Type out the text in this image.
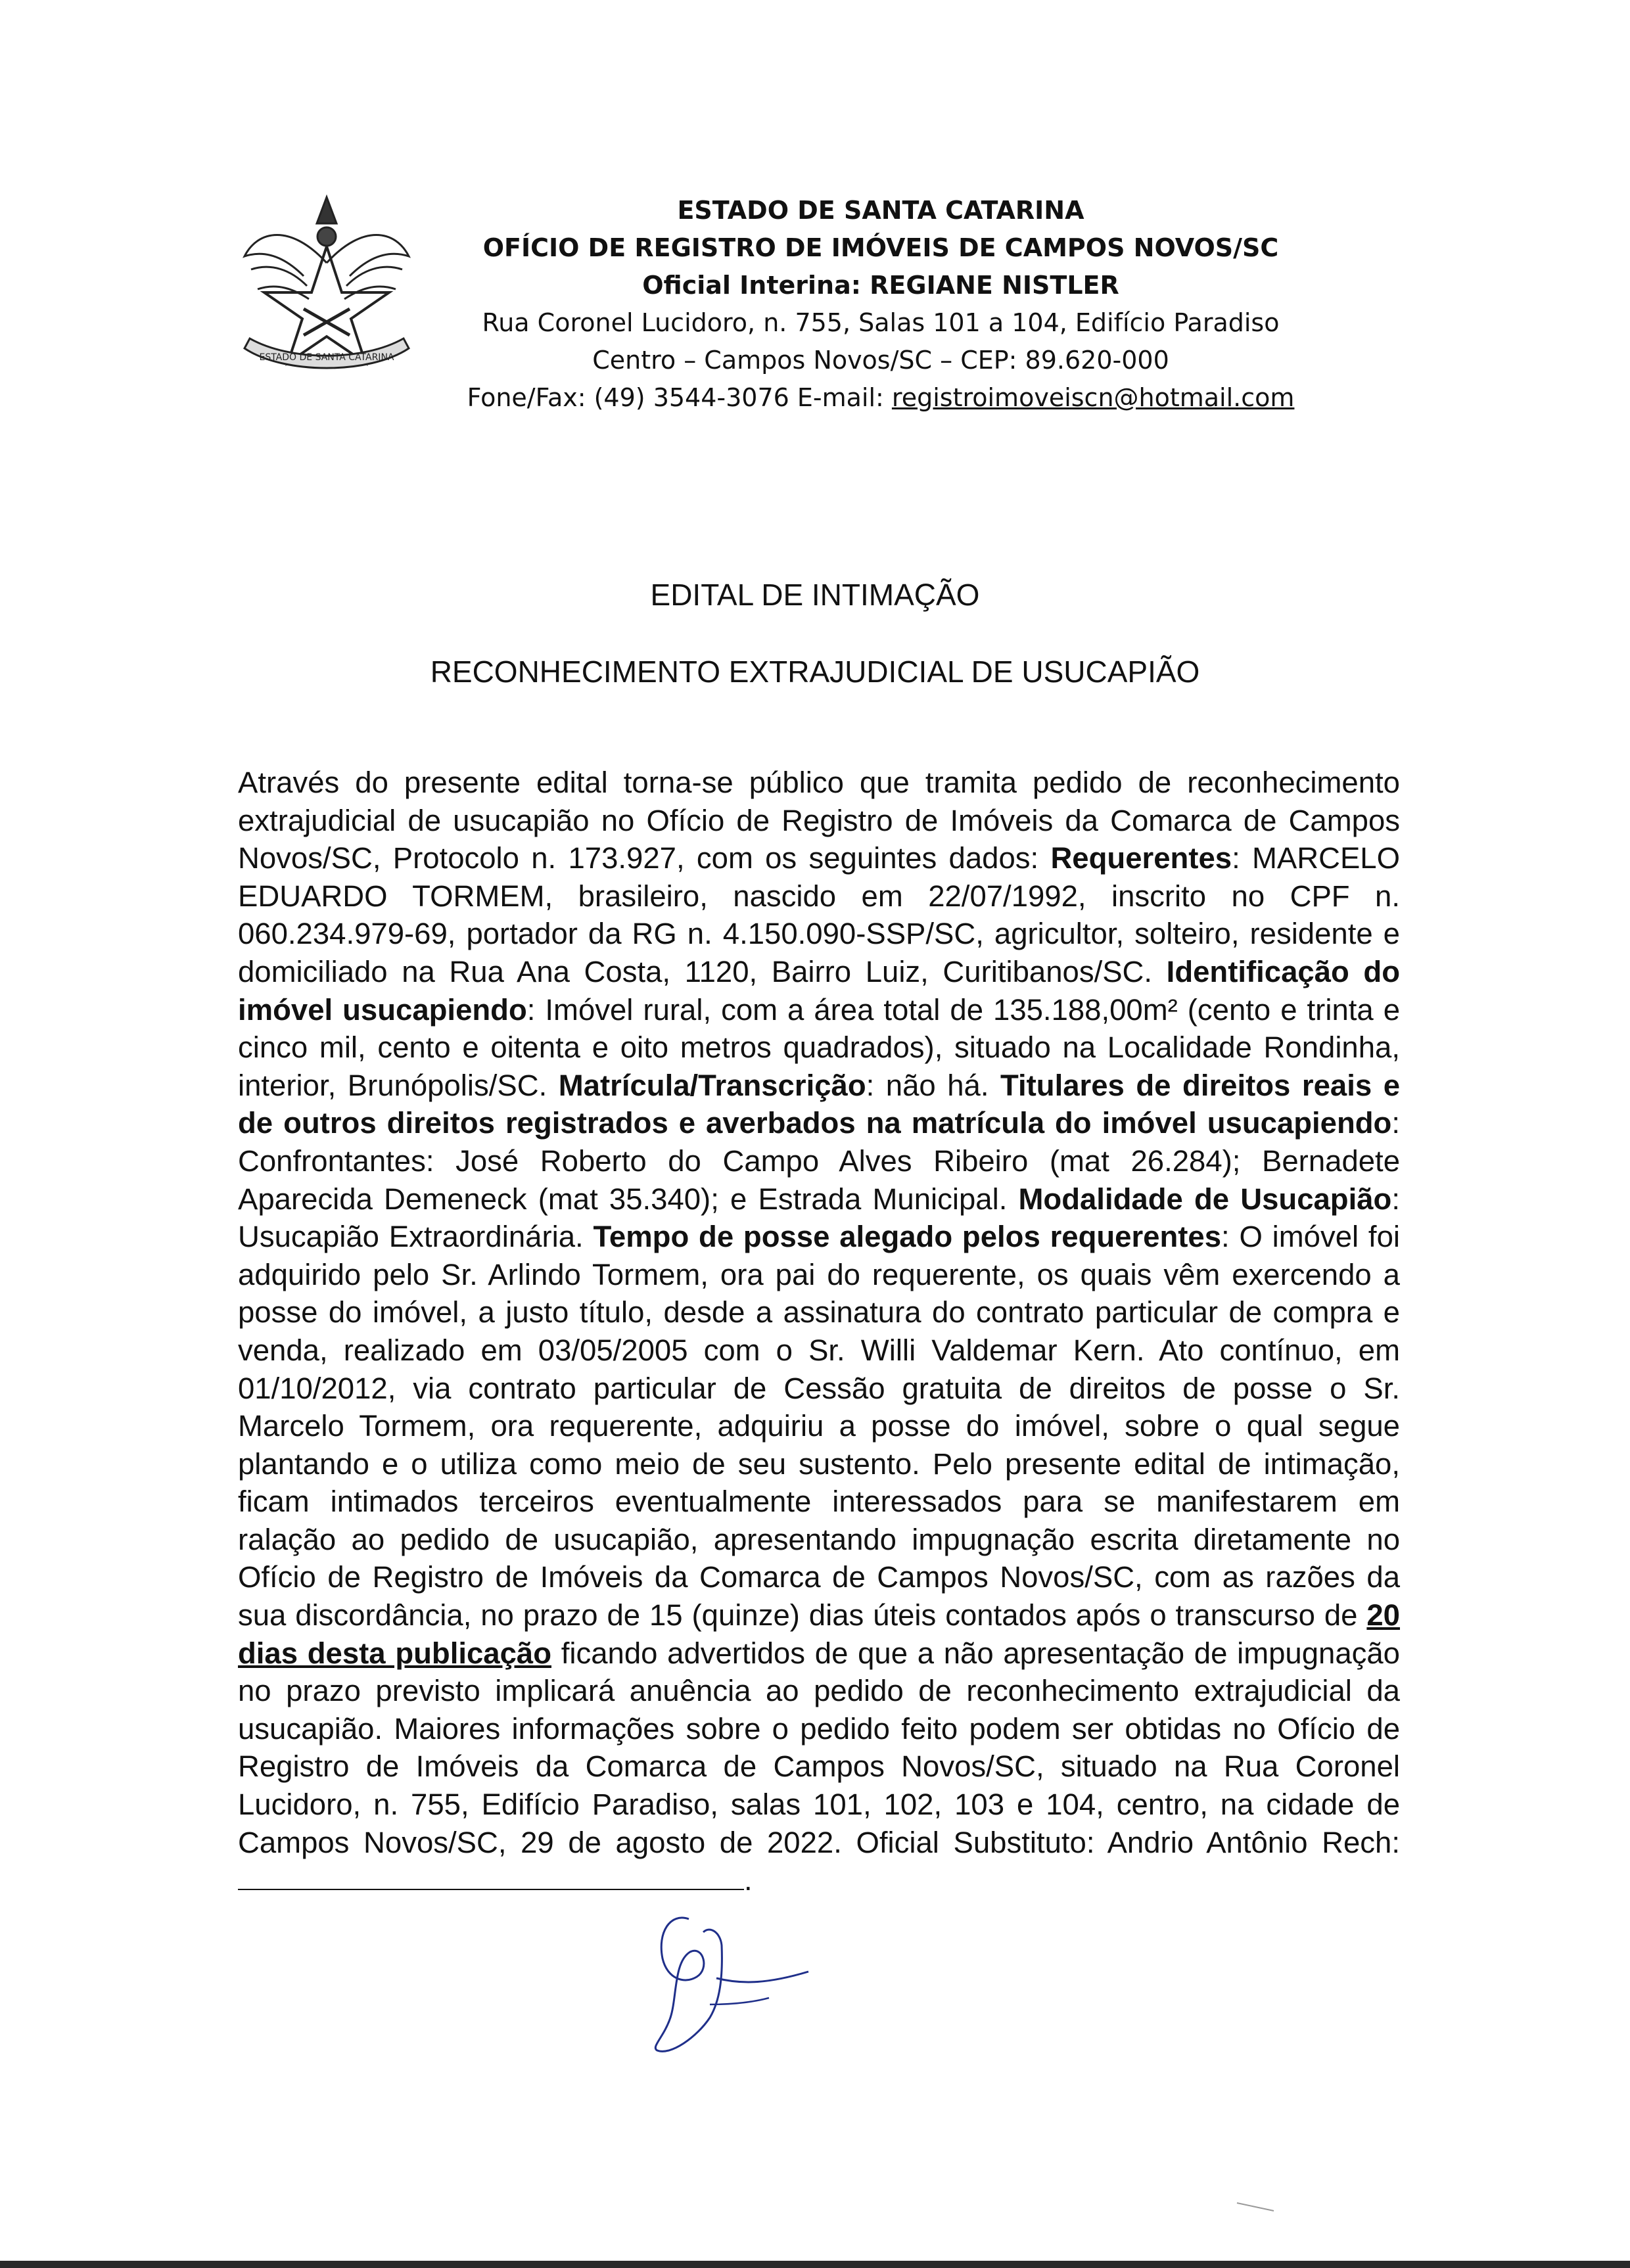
ESTADO DE SANTA CATARINA
ESTADO DE SANTA CATARINA
OFÍCIO DE REGISTRO DE IMÓVEIS DE CAMPOS NOVOS/SC
Oficial Interina: REGIANE NISTLER
Rua Coronel Lucidoro, n. 755, Salas 101 a 104, Edifício Paradiso
Centro – Campos Novos/SC – CEP: 89.620-000
Fone/Fax: (49) 3544-3076 E-mail: registroimoveiscn@hotmail.com
EDITAL DE INTIMAÇÃO
RECONHECIMENTO EXTRAJUDICIAL DE USUCAPIÃO
Através do presente edital torna-se público que tramita pedido de reconhecimento extrajudicial de usucapião no Ofício de Registro de Imóveis da Comarca de Campos Novos/SC, Protocolo n. 173.927, com os seguintes dados: Requerentes: MARCELO EDUARDO TORMEM, brasileiro, nascido em 22/07/1992, inscrito no CPF n. 060.234.979-69, portador da RG n. 4.150.090-SSP/SC, agricultor, solteiro, residente e domiciliado na Rua Ana Costa, 1120, Bairro Luiz, Curitibanos/SC. Identificação do imóvel usucapiendo: Imóvel rural, com a área total de 135.188,00m² (cento e trinta e cinco mil, cento e oitenta e oito metros quadrados), situado na Localidade Rondinha, interior, Brunópolis/SC. Matrícula/Transcrição: não há. Titulares de direitos reais e de outros direitos registrados e averbados na matrícula do imóvel usucapiendo: Confrontantes: José Roberto do Campo Alves Ribeiro (mat 26.284); Bernadete Aparecida Demeneck (mat 35.340); e Estrada Municipal. Modalidade de Usucapião: Usucapião Extraordinária. Tempo de posse alegado pelos requerentes: O imóvel foi adquirido pelo Sr. Arlindo Tormem, ora pai do requerente, os quais vêm exercendo a posse do imóvel, a justo título, desde a assinatura do contrato particular de compra e venda, realizado em 03/05/2005 com o Sr. Willi Valdemar Kern. Ato contínuo, em 01/10/2012, via contrato particular de Cessão gratuita de direitos de posse o Sr. Marcelo Tormem, ora requerente, adquiriu a posse do imóvel, sobre o qual segue plantando e o utiliza como meio de seu sustento. Pelo presente edital de intimação, ficam intimados terceiros eventualmente interessados para se manifestarem em ralação ao pedido de usucapião, apresentando impugnação escrita diretamente no Ofício de Registro de Imóveis da Comarca de Campos Novos/SC, com as razões da sua discordância, no prazo de 15 (quinze) dias úteis contados após o transcurso de 20 dias desta publicação ficando advertidos de que a não apresentação de impugnação no prazo previsto implicará anuência ao pedido de reconhecimento extrajudicial da usucapião. Maiores informações sobre o pedido feito podem ser obtidas no Ofício de Registro de Imóveis da Comarca de Campos Novos/SC, situado na Rua Coronel Lucidoro, n. 755, Edifício Paradiso, salas 101, 102, 103 e 104, centro, na cidade de Campos Novos/SC, 29 de agosto de 2022. Oficial Substituto: Andrio Antônio Rech:.
